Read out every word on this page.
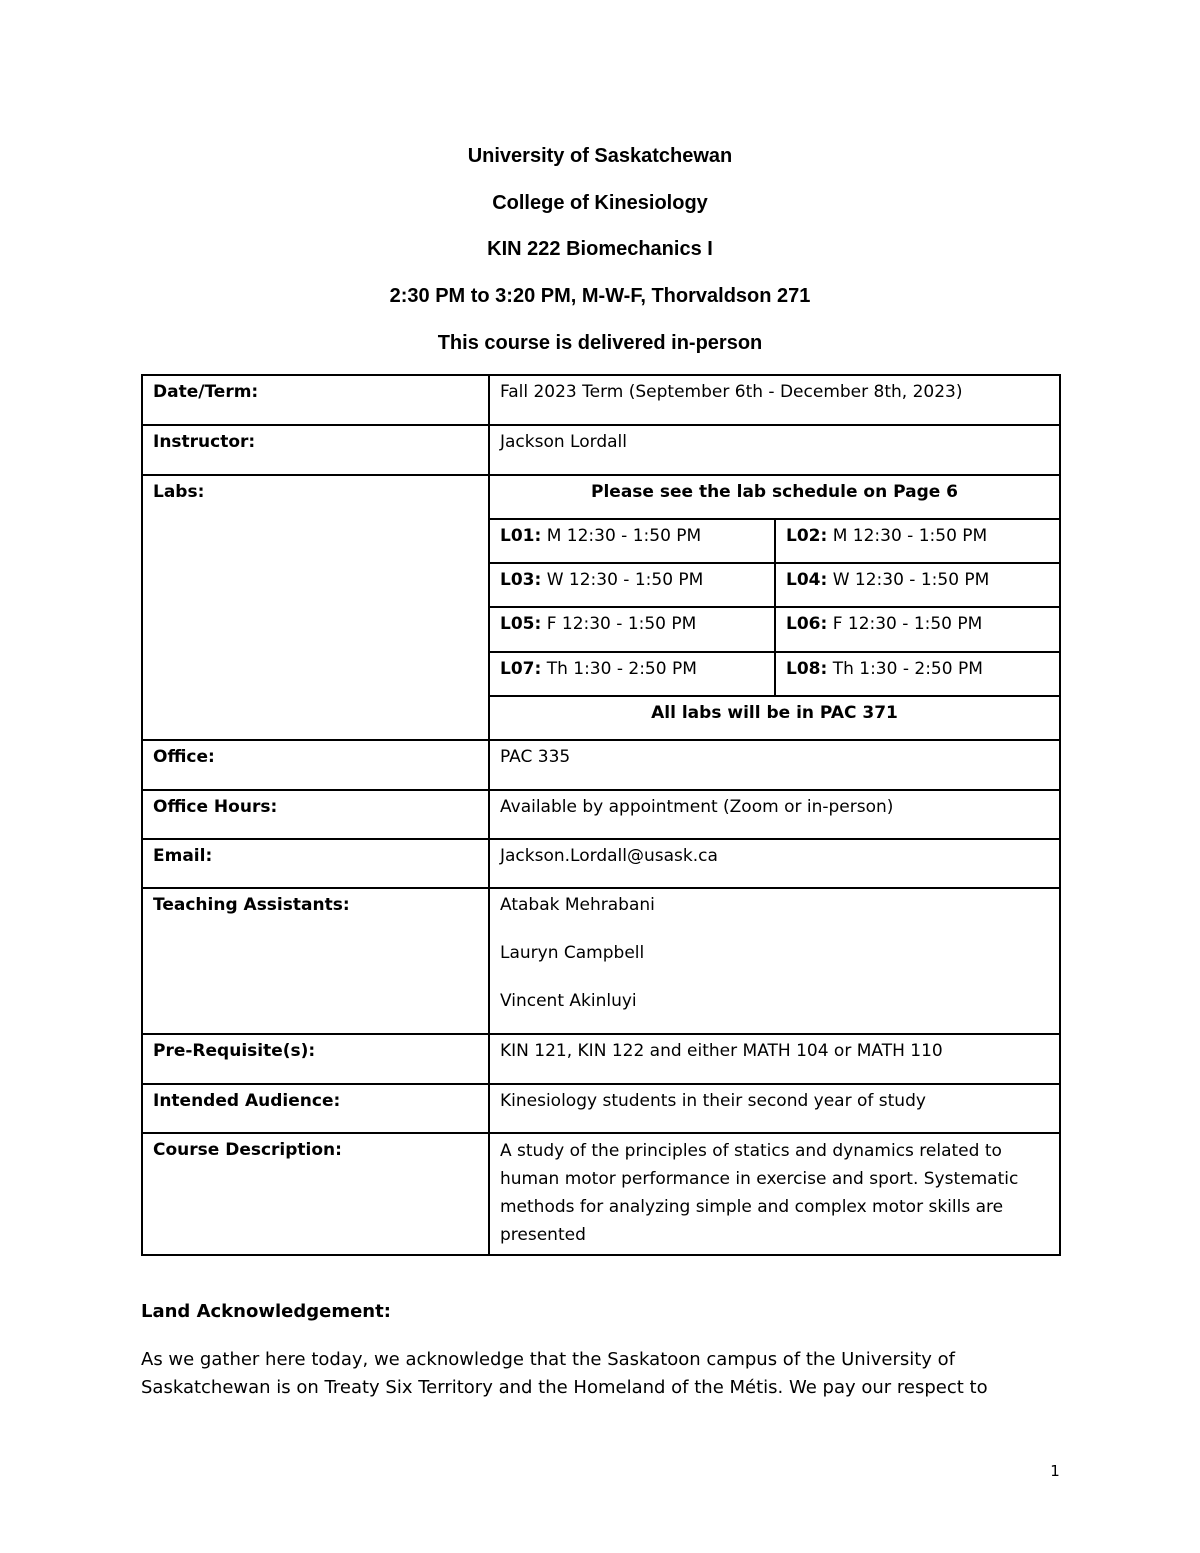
University of Saskatchewan
College of Kinesiology
KIN 222 Biomechanics I
2:30 PM to 3:20 PM, M-W-F, Thorvaldson 271
This course is delivered in-person
Date/Term:	Fall 2023 Term (September 6th - December 8th, 2023)	
Instructor:	Jackson Lordall	
Labs:	Please see the lab schedule on Page 6	
	L01: M 12:30 - 1:50 PM	L02: M 12:30 - 1:50 PM
	L03: W 12:30 - 1:50 PM	L04: W 12:30 - 1:50 PM
	L05: F 12:30 - 1:50 PM	L06: F 12:30 - 1:50 PM
	L07: Th 1:30 - 2:50 PM	L08: Th 1:30 - 2:50 PM
	All labs will be in PAC 371	
Office:	PAC 335	
Office Hours:	Available by appointment (Zoom or in-person)	
Email:	Jackson.Lordall@usask.ca	
Teaching Assistants:	Atabak Mehrabani
Lauryn Campbell
Vincent Akinluyi	

Pre-Requisite(s):	KIN 121, KIN 122 and either MATH 104 or MATH 110	
Intended Audience:	Kinesiology students in their second year of study	
Course Description:	A study of the principles of statics and dynamics related to human motor performance in exercise and sport. Systematic methods for analyzing simple and complex motor skills are presented	
Land Acknowledgement:
As we gather here today, we acknowledge that the Saskatoon campus of the University of Saskatchewan is on Treaty Six Territory and the Homeland of the Métis. We pay our respect to
1
